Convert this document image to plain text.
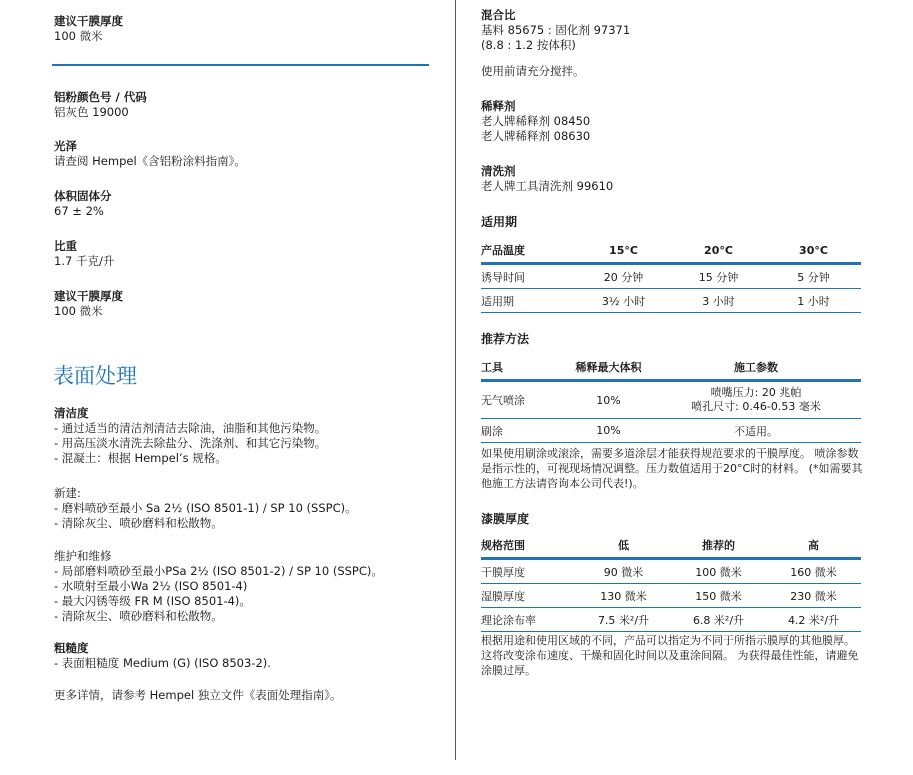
建议干膜厚度
100 微米
铝粉颜色号 / 代码
铝灰色 19000
光泽
请查阅 Hempel《含铝粉涂料指南》。
体积固体分
67 ± 2%
比重
1.7 千克/升
建议干膜厚度
100 微米
表面处理
清洁度
- 通过适当的清洁剂清洁去除油，油脂和其他污染物。
- 用高压淡水清洗去除盐分、洗涤剂、和其它污染物。
- 混凝土：根据 Hempel’s 规格。
新建:
- 磨料喷砂至最小 Sa 2½ (ISO 8501-1) / SP 10 (SSPC)。
- 清除灰尘、喷砂磨料和松散物。
维护和维修
- 局部磨料喷砂至最小PSa 2½ (ISO 8501-2) / SP 10 (SSPC)。
- 水喷射至最小Wa 2½ (ISO 8501-4)
- 最大闪锈等级 FR M (ISO 8501-4)。
- 清除灰尘、喷砂磨料和松散物。
粗糙度
- 表面粗糙度 Medium (G) (ISO 8503-2).
更多详情，请参考 Hempel 独立文件《表面处理指南》。
混合比
基料 85675 : 固化剂 97371
(8.8 : 1.2 按体积)
使用前请充分搅拌。
稀释剂
老人牌稀释剂 08450
老人牌稀释剂 08630
清洗剂
老人牌工具清洗剂 99610
适用期
产品温度	15°C	20°C	30°C
诱导时间	20 分钟	15 分钟	5 分钟
适用期	3½ 小时	3 小时	1 小时
推荐方法
工具	稀释最大体积	施工参数
无气喷涂	10%	喷嘴压力: 20 兆帕
喷孔尺寸: 0.46-0.53 毫米

刷涂	10%	不适用。
如果使用刷涂或滚涂，需要多道涂层才能获得规范要求的干膜厚度。 喷涂参数
是指示性的，可视现场情况调整。压力数值适用于20°C时的材料。 (*如需要其
他施工方法请咨询本公司代表!)。
漆膜厚度
规格范围	低	推荐的	高
干膜厚度	90 微米	100 微米	160 微米
湿膜厚度	130 微米	150 微米	230 微米
理论涂布率	7.5 米²/升	6.8 米²/升	4.2 米²/升
根据用途和使用区域的不同，产品可以指定为不同于所指示膜厚的其他膜厚。
这将改变涂布速度、干燥和固化时间以及重涂间隔。 为获得最佳性能，请避免
涂膜过厚。
